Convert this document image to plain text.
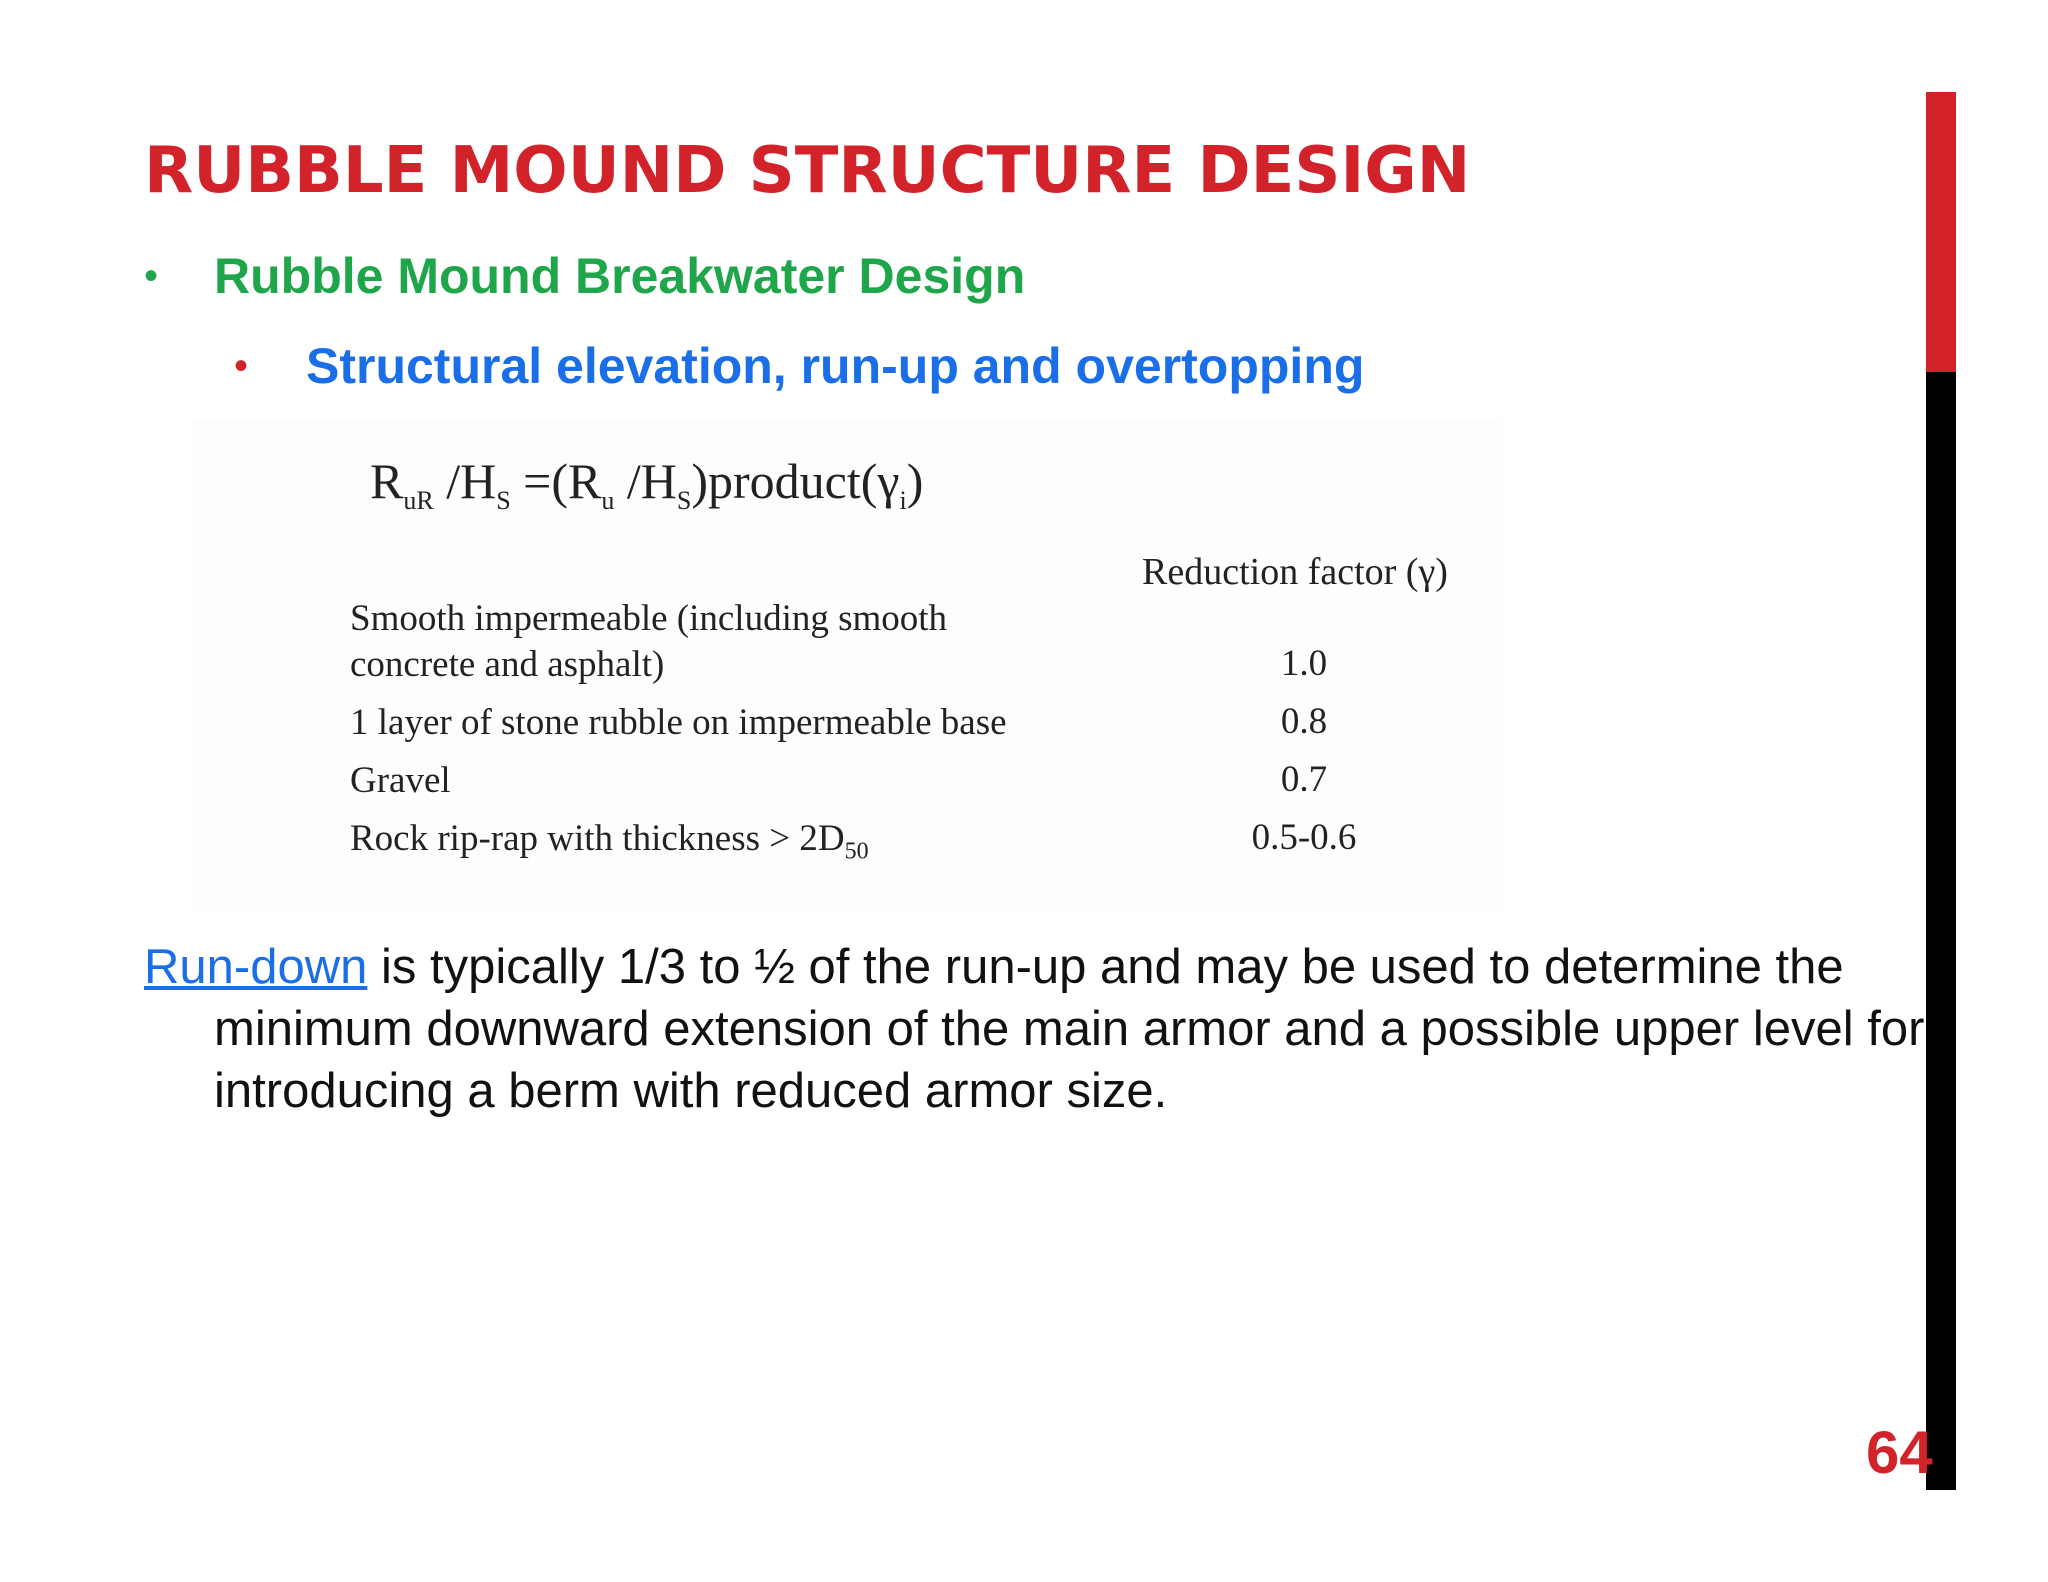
RUBBLE MOUND STRUCTURE DESIGN
•	Rubble Mound Breakwater Design
•	Structural elevation, run-up and overtopping
$R_{uR}$ $/H_S =(R_u$ $/H_S)product(\gamma_i)$
Reduction factor (γ)
Smooth impermeable (including smooth
concrete and asphalt)	1.0
1 layer of stone rubble on impermeable base	0.8
Gravel	0.7
Rock rip-rap with thickness > $2D_{50}$	0.5-0.6
Run-down is typically 1/3 to ½ of the run-up and may be used to determine the minimum downward extension of the main armor and a possible upper level for introducing a berm with reduced armor size.
64
